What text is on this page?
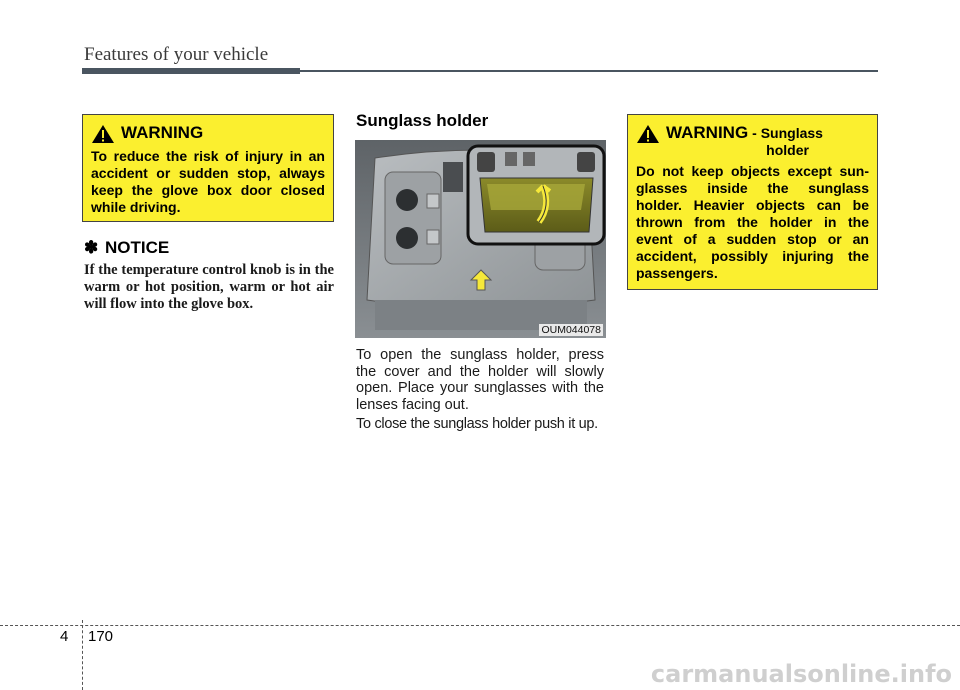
Features of your vehicle
WARNING
To reduce the risk of injury in an accident or sudden stop, always keep the glove box door closed while driving.
✽ NOTICE
If the temperature control knob is in the warm or hot position, warm or hot air will flow into the glove box.
Sunglass holder
OUM044078
To open the sunglass holder, press the cover and the holder will slowly open. Place your sunglasses with the lenses facing out.
To close the sunglass holder push it up.
WARNING - Sunglass
holder
Do not keep objects except sun-glasses inside the sunglass holder. Heavier objects can be thrown from the holder in the event of a sudden stop or an accident, possibly injuring the passengers.
4 170
carmanualsonline.info
